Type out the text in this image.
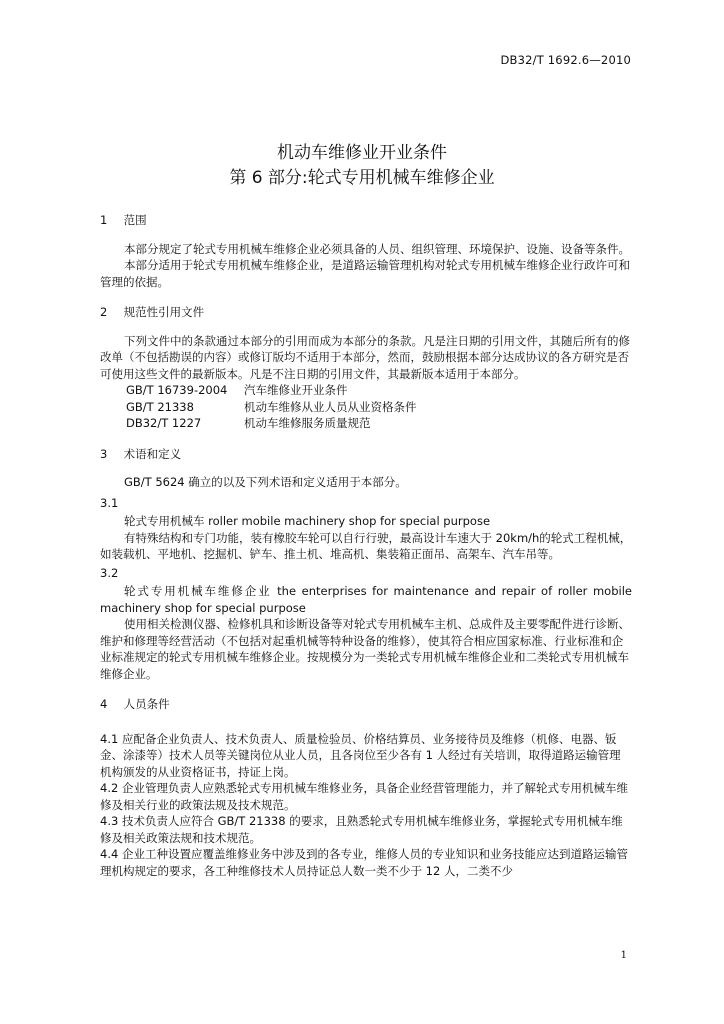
DB32/T 1692.6—2010
机动车维修业开业条件
第 6 部分:轮式专用机械车维修企业
1 范围

本部分规定了轮式专用机械车维修企业必须具备的人员、组织管理、环境保护、设施、设备等条件。

本部分适用于轮式专用机械车维修企业，是道路运输管理机构对轮式专用机械车维修企业行政许可和管理的依据。

2 规范性引用文件

下列文件中的条款通过本部分的引用而成为本部分的条款。凡是注日期的引用文件，其随后所有的修改单（不包括勘误的内容）或修订版均不适用于本部分，然而，鼓励根据本部分达成协议的各方研究是否可使用这些文件的最新版本。凡是不注日期的引用文件，其最新版本适用于本部分。

GB/T 16739-2004 汽车维修业开业条件
GB/T 21338	机动车维修从业人员从业资格条件
DB32/T 1227	机动车维修服务质量规范
3 术语和定义

GB/T 5624 确立的以及下列术语和定义适用于本部分。

3.1

轮式专用机械车 roller mobile machinery shop for special purpose

有特殊结构和专门功能，装有橡胶车轮可以自行行驶，最高设计车速大于 20km/h的轮式工程机械，如装载机、平地机、挖掘机、铲车、推土机、堆高机、集装箱正面吊、高架车、汽车吊等。

3.2

轮式专用机械车维修企业 the enterprises for maintenance and repair of roller mobile machinery shop for special purpose

使用相关检测仪器、检修机具和诊断设备等对轮式专用机械车主机、总成件及主要零配件进行诊断、维护和修理等经营活动（不包括对起重机械等特种设备的维修），使其符合相应国家标准、行业标准和企业标准规定的轮式专用机械车维修企业。按规模分为一类轮式专用机械车维修企业和二类轮式专用机械车维修企业。

4 人员条件

4.1 应配备企业负责人、技术负责人、质量检验员、价格结算员、业务接待员及维修（机修、电器、钣金、涂漆等）技术人员等关键岗位从业人员，且各岗位至少各有 1 人经过有关培训，取得道路运输管理机构颁发的从业资格证书，持证上岗。

4.2 企业管理负责人应熟悉轮式专用机械车维修业务，具备企业经营管理能力，并了解轮式专用机械车维修及相关行业的政策法规及技术规范。

4.3 技术负责人应符合 GB/T 21338 的要求，且熟悉轮式专用机械车维修业务，掌握轮式专用机械车维修及相关政策法规和技术规范。

4.4 企业工种设置应覆盖维修业务中涉及到的各专业，维修人员的专业知识和业务技能应达到道路运输管理机构规定的要求，各工种维修技术人员持证总人数一类不少于 12 人，二类不少

1
